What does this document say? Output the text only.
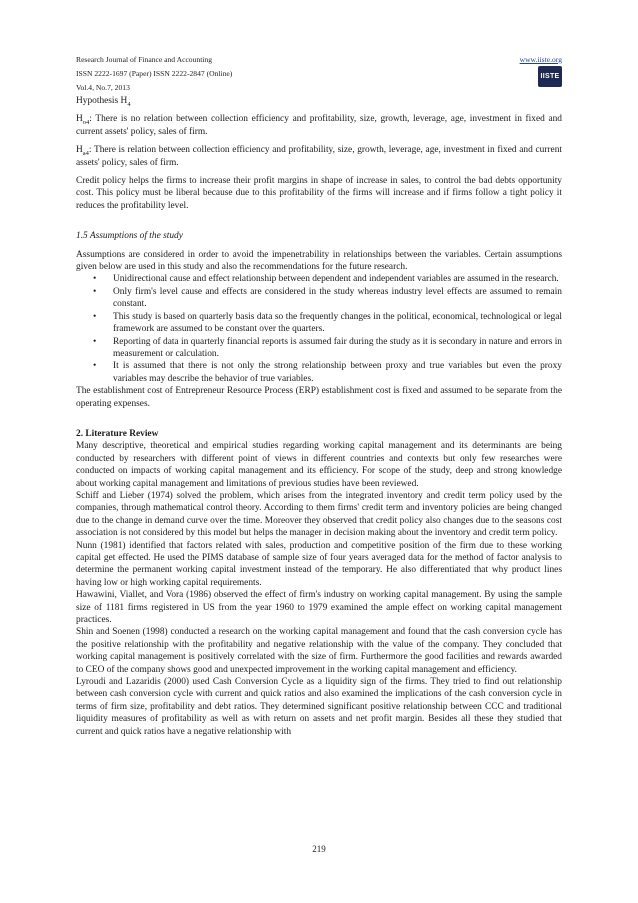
Research Journal of Finance and Accounting
ISSN 2222-1697 (Paper) ISSN 2222-2847 (Online)
Vol.4, No.7, 2013
www.iiste.org
IISTE

Hypothesis $H_4$

$H_{o4}$: There is no relation between collection efficiency and profitability, size, growth, leverage, age, investment in fixed and current assets' policy, sales of firm.

$H_{a4}$: There is relation between collection efficiency and profitability, size, growth, leverage, age, investment in fixed and current assets' policy, sales of firm.

Credit policy helps the firms to increase their profit margins in shape of increase in sales, to control the bad debts opportunity cost. This policy must be liberal because due to this profitability of the firms will increase and if firms follow a tight policy it reduces the profitability level.

1.5 Assumptions of the study

Assumptions are considered in order to avoid the impenetrability in relationships between the variables. Certain assumptions given below are used in this study and also the recommendations for the future research.

• Unidirectional cause and effect relationship between dependent and independent variables are assumed in the research.
• Only firm's level cause and effects are considered in the study whereas industry level effects are assumed to remain constant.
• This study is based on quarterly basis data so the frequently changes in the political, economical, technological or legal framework are assumed to be constant over the quarters.
• Reporting of data in quarterly financial reports is assumed fair during the study as it is secondary in nature and errors in measurement or calculation.
• It is assumed that there is not only the strong relationship between proxy and true variables but even the proxy variables may describe the behavior of true variables.

The establishment cost of Entrepreneur Resource Process (ERP) establishment cost is fixed and assumed to be separate from the operating expenses.

2. Literature Review

Many descriptive, theoretical and empirical studies regarding working capital management and its determinants are being conducted by researchers with different point of views in different countries and contexts but only few researches were conducted on impacts of working capital management and its efficiency. For scope of the study, deep and strong knowledge about working capital management and limitations of previous studies have been reviewed.

Schiff and Lieber (1974) solved the problem, which arises from the integrated inventory and credit term policy used by the companies, through mathematical control theory. According to them firms' credit term and inventory policies are being changed due to the change in demand curve over the time. Moreover they observed that credit policy also changes due to the seasons cost association is not considered by this model but helps the manager in decision making about the inventory and credit term policy.

Nunn (1981) identified that factors related with sales, production and competitive position of the firm due to these working capital get effected. He used the PIMS database of sample size of four years averaged data for the method of factor analysis to determine the permanent working capital investment instead of the temporary. He also differentiated that why product lines having low or high working capital requirements.

Hawawini, Viallet, and Vora (1986) observed the effect of firm's industry on working capital management. By using the sample size of 1181 firms registered in US from the year 1960 to 1979 examined the ample effect on working capital management practices.

Shin and Soenen (1998) conducted a research on the working capital management and found that the cash conversion cycle has the positive relationship with the profitability and negative relationship with the value of the company. They concluded that working capital management is positively correlated with the size of firm. Furthermore the good facilities and rewards awarded to CEO of the company shows good and unexpected improvement in the working capital management and efficiency.

Lyroudi and Lazaridis (2000) used Cash Conversion Cycle as a liquidity sign of the firms. They tried to find out relationship between cash conversion cycle with current and quick ratios and also examined the implications of the cash conversion cycle in terms of firm size, profitability and debt ratios. They determined significant positive relationship between CCC and traditional liquidity measures of profitability as well as with return on assets and net profit margin. Besides all these they studied that current and quick ratios have a negative relationship with

219
